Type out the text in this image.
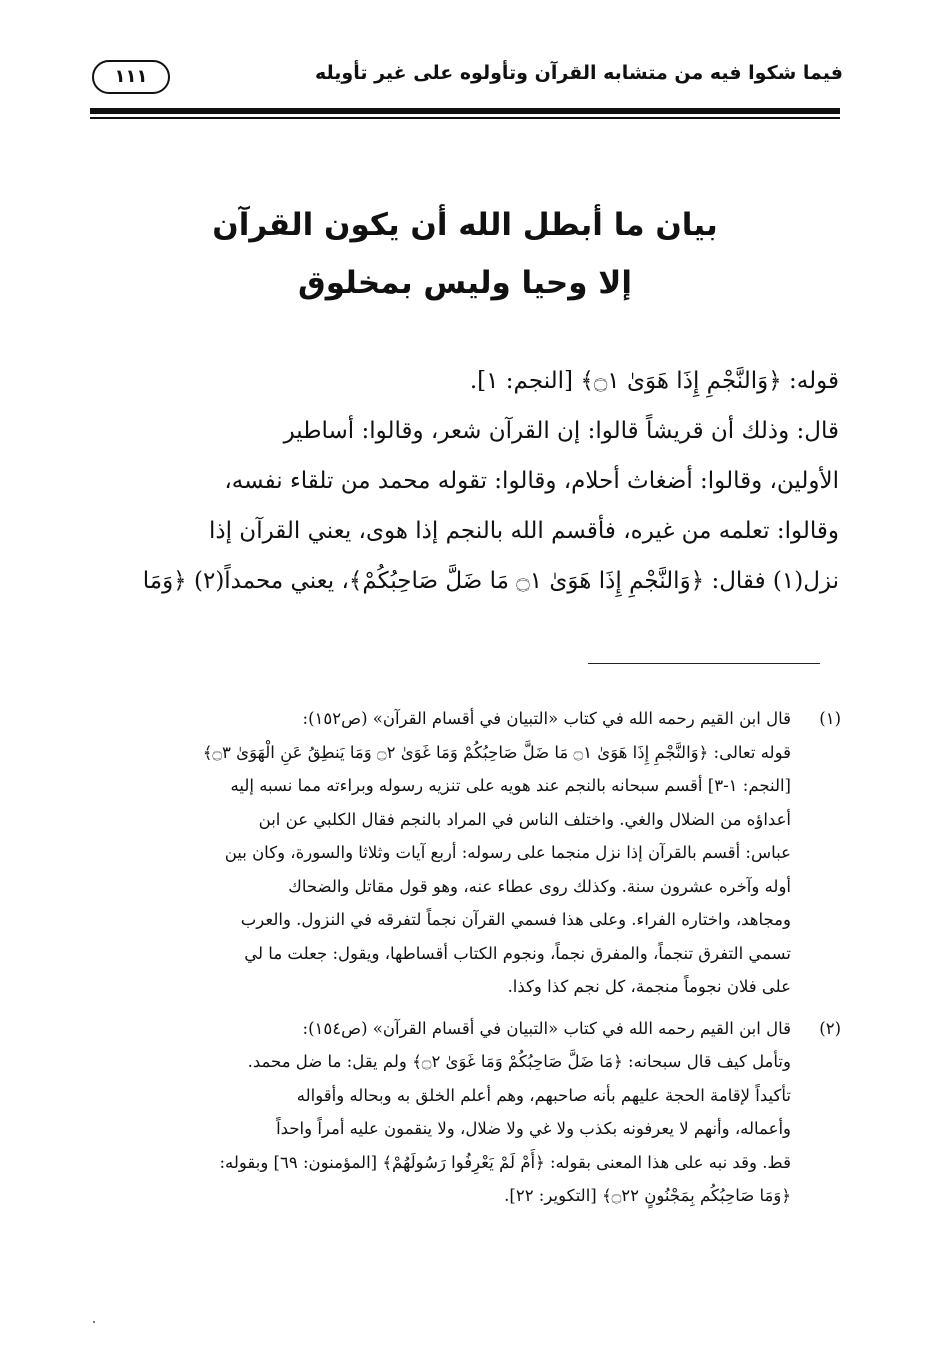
فيما شكوا فيه من متشابه القرآن وتأولوه على غير تأويله
١١١
بيان ما أبطل الله أن يكون القرآن
إلا وحيا وليس بمخلوق
قوله: ﴿وَالنَّجْمِ إِذَا هَوَىٰ ۝١﴾ [النجم: ١].
قال: وذلك أن قريشاً قالوا: إن القرآن شعر، وقالوا: أساطير
الأولين، وقالوا: أضغاث أحلام، وقالوا: تقوله محمد من تلقاء نفسه،
وقالوا: تعلمه من غيره، فأقسم الله بالنجم إذا هوى، يعني القرآن إذا
نزل(١) فقال: ﴿وَالنَّجْمِ إِذَا هَوَىٰ ۝١ مَا ضَلَّ صَاحِبُكُمْ﴾، يعني محمداً(٢) ﴿وَمَا
(١)
قال ابن القيم رحمه الله في كتاب «التبيان في أقسام القرآن» (ص١٥٢):
قوله تعالى: ﴿وَالنَّجْمِ إِذَا هَوَىٰ ۝١ مَا ضَلَّ صَاحِبُكُمْ وَمَا غَوَىٰ ۝٢ وَمَا يَنطِقُ عَنِ الْهَوَىٰ ۝٣﴾
[النجم: ١-٣] أقسم سبحانه بالنجم عند هويه على تنزيه رسوله وبراءته مما نسبه إليه
أعداؤه من الضلال والغي. واختلف الناس في المراد بالنجم فقال الكلبي عن ابن
عباس: أقسم بالقرآن إذا نزل منجما على رسوله: أربع آيات وثلاثا والسورة، وكان بين
أوله وآخره عشرون سنة. وكذلك روى عطاء عنه، وهو قول مقاتل والضحاك
ومجاهد، واختاره الفراء. وعلى هذا فسمي القرآن نجماً لتفرقه في النزول. والعرب
تسمي التفرق تنجماً، والمفرق نجماً، ونجوم الكتاب أقساطها، ويقول: جعلت ما لي
على فلان نجوماً منجمة، كل نجم كذا وكذا.
(٢)
قال ابن القيم رحمه الله في كتاب «التبيان في أقسام القرآن» (ص١٥٤):
وتأمل كيف قال سبحانه: ﴿مَا ضَلَّ صَاحِبُكُمْ وَمَا غَوَىٰ ۝٢﴾ ولم يقل: ما ضل محمد.
تأكيداً لإقامة الحجة عليهم بأنه صاحبهم، وهم أعلم الخلق به وبحاله وأقواله
وأعماله، وأنهم لا يعرفونه بكذب ولا غي ولا ضلال، ولا ينقمون عليه أمراً واحداً
قط. وقد نبه على هذا المعنى بقوله: ﴿أَمْ لَمْ يَعْرِفُوا رَسُولَهُمْ﴾ [المؤمنون: ٦٩] وبقوله:
﴿وَمَا صَاحِبُكُم بِمَجْنُونٍ ۝٢٢﴾ [التكوير: ٢٢].
